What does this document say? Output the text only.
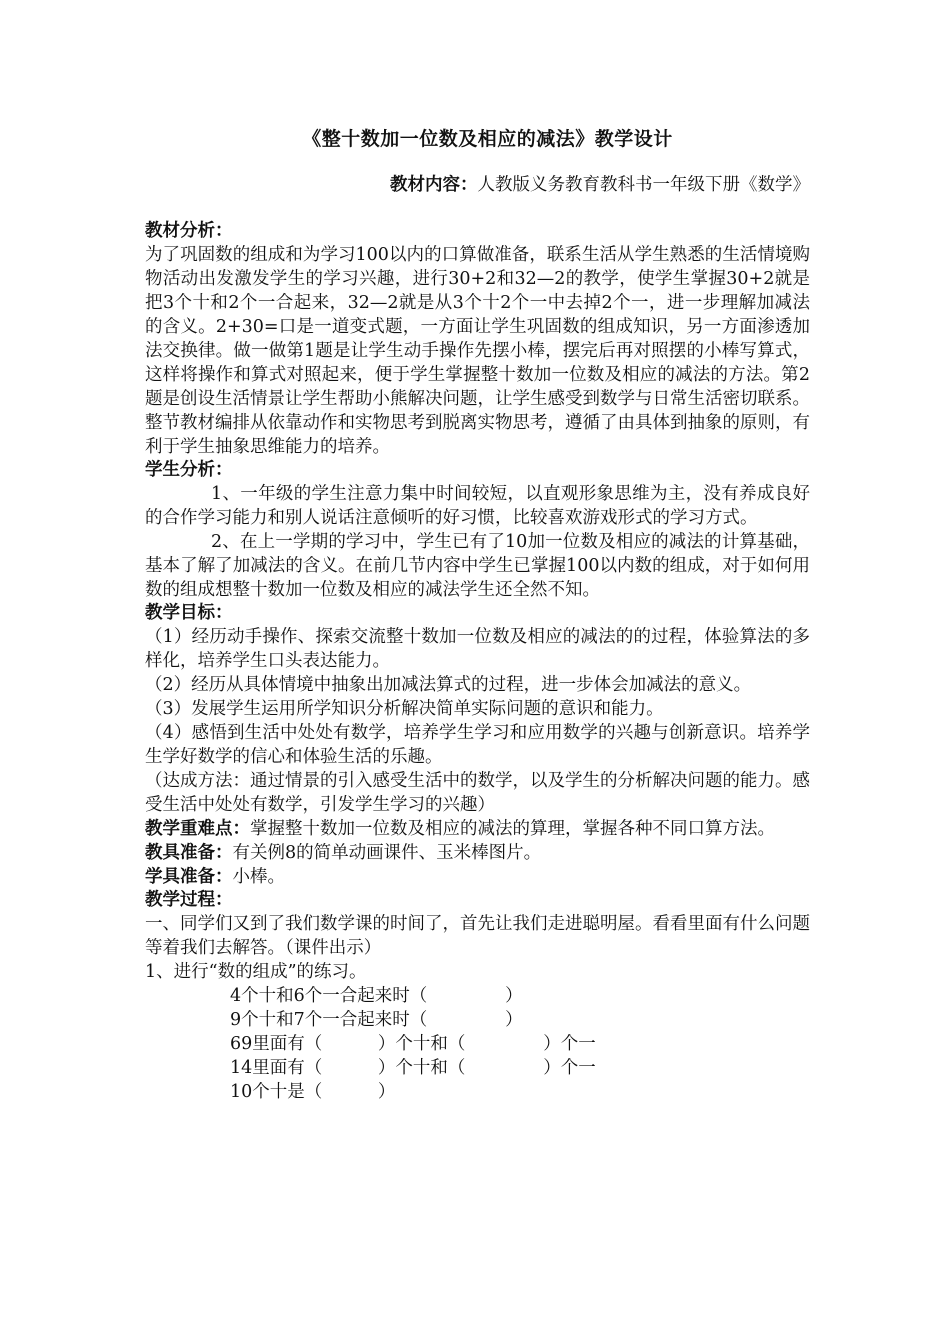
《整十数加一位数及相应的减法》教学设计
教材内容：人教版义务教育教科书一年级下册《数学》
教材分析：

为了巩固数的组成和为学习100以内的口算做准备，联系生活从学生熟悉的生活情境购物活动出发激发学生的学习兴趣，进行30+2和32—2的教学，使学生掌握30+2就是把3个十和2个一合起来，32—2就是从3个十2个一中去掉2个一，进一步理解加减法的含义。2+30=口是一道变式题，一方面让学生巩固数的组成知识，另一方面渗透加法交换律。做一做第1题是让学生动手操作先摆小棒，摆完后再对照摆的小棒写算式，这样将操作和算式对照起来，便于学生掌握整十数加一位数及相应的减法的方法。第2题是创设生活情景让学生帮助小熊解决问题，让学生感受到数学与日常生活密切联系。整节教材编排从依靠动作和实物思考到脱离实物思考，遵循了由具体到抽象的原则，有利于学生抽象思维能力的培养。

学生分析：

1、一年级的学生注意力集中时间较短，以直观形象思维为主，没有养成良好的合作学习能力和别人说话注意倾听的好习惯，比较喜欢游戏形式的学习方式。

2、在上一学期的学习中，学生已有了10加一位数及相应的减法的计算基础，基本了解了加减法的含义。在前几节内容中学生已掌握100以内数的组成，对于如何用数的组成想整十数加一位数及相应的减法学生还全然不知。

教学目标：

（1）经历动手操作、探索交流整十数加一位数及相应的减法的的过程，体验算法的多样化，培养学生口头表达能力。

（2）经历从具体情境中抽象出加减法算式的过程，进一步体会加减法的意义。

（3）发展学生运用所学知识分析解决简单实际问题的意识和能力。

（4）感悟到生活中处处有数学，培养学生学习和应用数学的兴趣与创新意识。培养学生学好数学的信心和体验生活的乐趣。

（达成方法：通过情景的引入感受生活中的数学，以及学生的分析解决问题的能力。感受生活中处处有数学，引发学生学习的兴趣）

教学重难点：掌握整十数加一位数及相应的减法的算理，掌握各种不同口算方法。

教具准备：有关例8的简单动画课件、玉米棒图片。

学具准备：小棒。

教学过程：

一、同学们又到了我们数学课的时间了，首先让我们走进聪明屋。看看里面有什么问题等着我们去解答。（课件出示）

1、进行“数的组成”的练习。

4个十和6个一合起来时（              ）
9个十和7个一合起来时（              ）
69里面有（          ）个十和（              ）个一
14里面有（          ）个十和（              ）个一
10个十是（          ）
